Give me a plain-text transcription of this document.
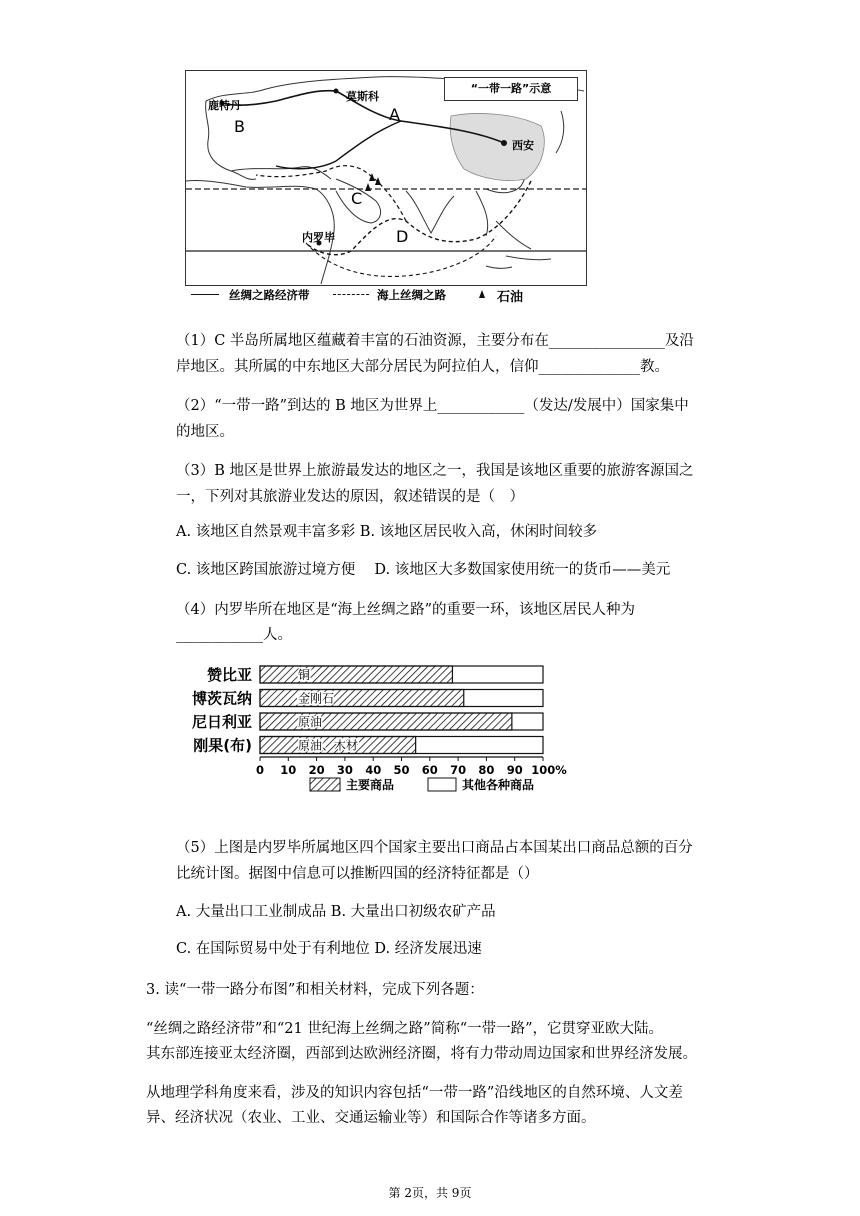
“一带一路”示意
莫斯科
鹿特丹
西安
内罗毕
A
B
C
D
丝绸之路经济带	海上丝绸之路	石油

（1）C 半岛所属地区蕴藏着丰富的石油资源，主要分布在________________及沿

岸地区。其所属的中东地区大部分居民为阿拉伯人，信仰______________教。

（2）“一带一路”到达的 B 地区为世界上____________（发达/发展中）国家集中

的地区。

（3）B 地区是世界上旅游最发达的地区之一，我国是该地区重要的旅游客源国之

一，下列对其旅游业发达的原因，叙述错误的是（　）

A. 该地区自然景观丰富多彩 B. 该地区居民收入高，休闲时间较多

C. 该地区跨国旅游过境方便　 D. 该地区大多数国家使用统一的货币——美元

（4）内罗毕所在地区是“海上丝绸之路”的重要一环，该地区居民人种为

____________人。

赞比亚	铜
博茨瓦纳	金刚石
尼日利亚	原油
刚果(布)	原油、木材
0 10 20 30 40 50 60 70 80 90 100%
主要商品	其他各种商品

（5）上图是内罗毕所属地区四个国家主要出口商品占本国某出口商品总额的百分

比统计图。据图中信息可以推断四国的经济特征都是（）

A. 大量出口工业制成品 B. 大量出口初级农矿产品

C. 在国际贸易中处于有利地位 D. 经济发展迅速

3. 读“一带一路分布图”和相关材料，完成下列各题：

“丝绸之路经济带”和“21 世纪海上丝绸之路”简称“一带一路”，它贯穿亚欧大陆。

其东部连接亚太经济圈，西部到达欧洲经济圈，将有力带动周边国家和世界经济发展。

从地理学科角度来看，涉及的知识内容包括“一带一路”沿线地区的自然环境、人文差

异、经济状况（农业、工业、交通运输业等）和国际合作等诸多方面。

第 2页，共 9页
